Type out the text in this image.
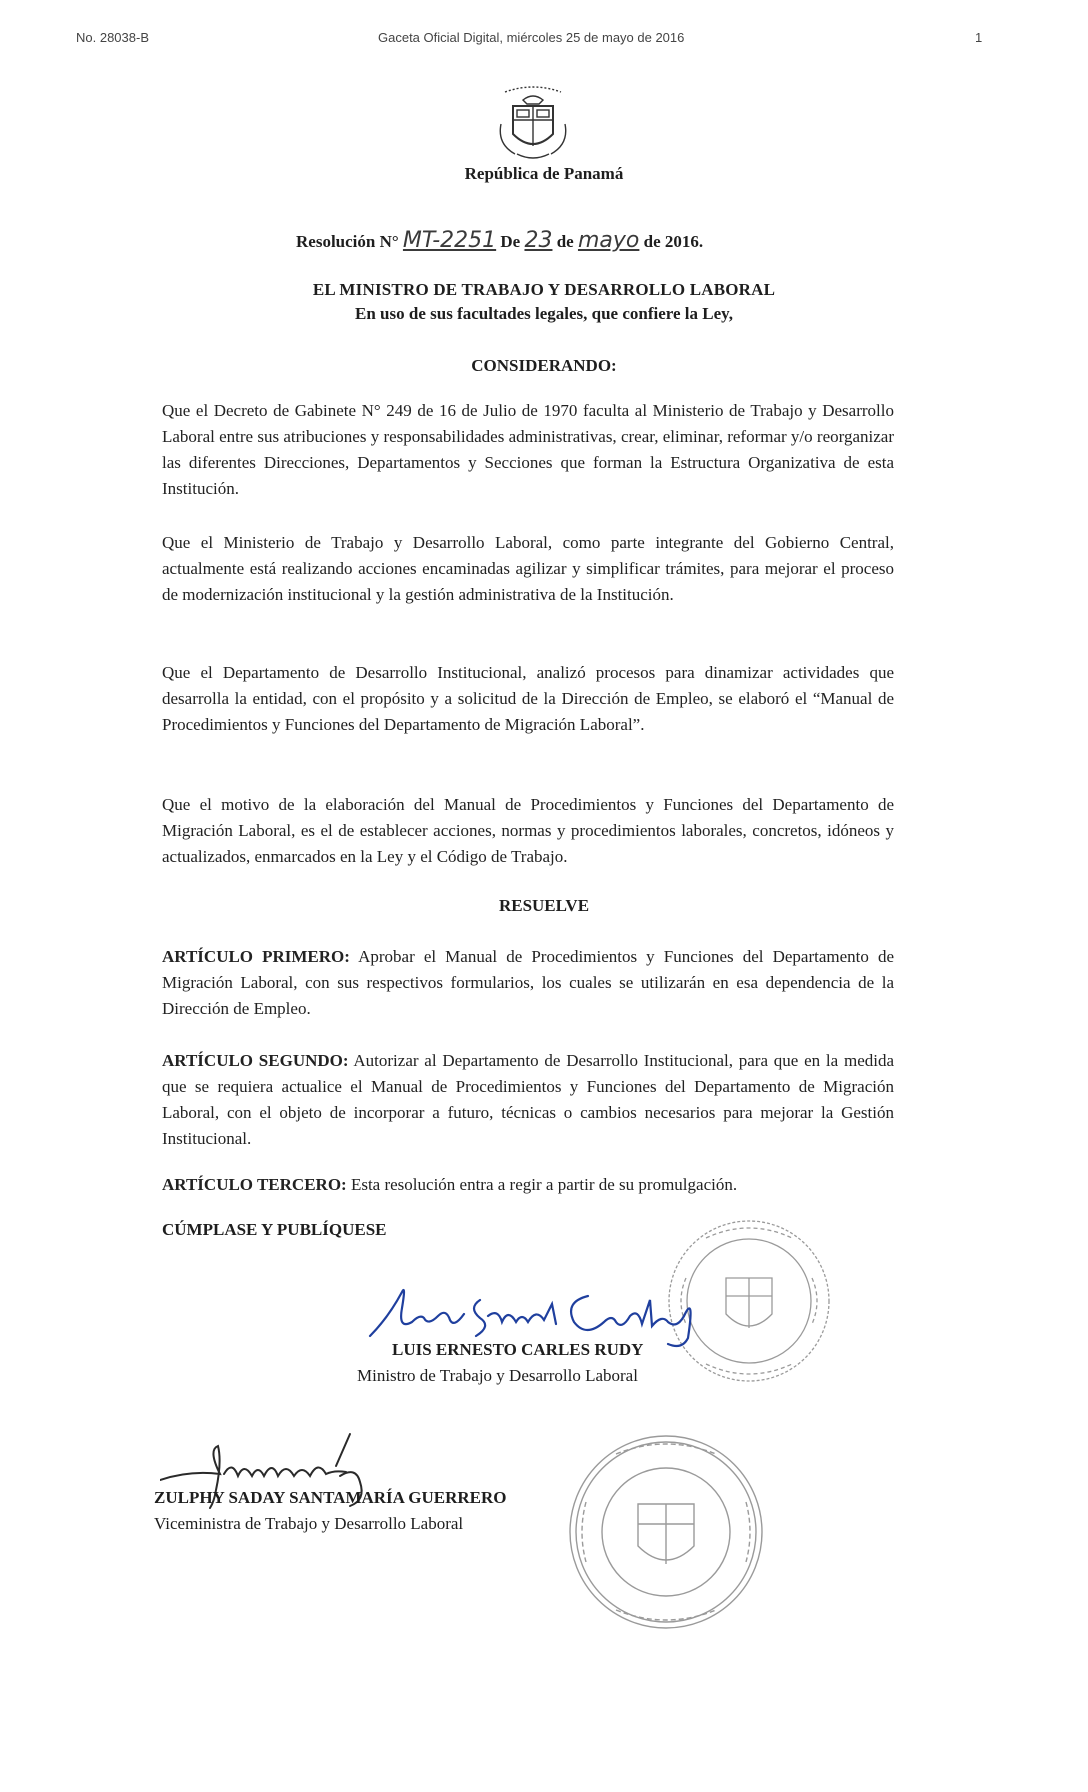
No. 28038-B	Gaceta Oficial Digital, miércoles 25 de mayo de 2016	1
República de Panamá
Resolución N° MT-2251 De 23 de mayo de 2016.
EL MINISTRO DE TRABAJO Y DESARROLLO LABORAL
En uso de sus facultades legales, que confiere la Ley,
CONSIDERANDO:

Que el Decreto de Gabinete N° 249 de 16 de Julio de 1970 faculta al Ministerio de Trabajo y Desarrollo Laboral entre sus atribuciones y responsabilidades administrativas, crear, eliminar, reformar y/o reorganizar las diferentes Direcciones, Departamentos y Secciones que forman la Estructura Organizativa de esta Institución.

Que el Ministerio de Trabajo y Desarrollo Laboral, como parte integrante del Gobierno Central, actualmente está realizando acciones encaminadas agilizar y simplificar trámites, para mejorar el proceso de modernización institucional y la gestión administrativa de la Institución.

Que el Departamento de Desarrollo Institucional, analizó procesos para dinamizar actividades que desarrolla la entidad, con el propósito y a solicitud de la Dirección de Empleo, se elaboró el “Manual de Procedimientos y Funciones del Departamento de Migración Laboral”.

Que el motivo de la elaboración del Manual de Procedimientos y Funciones del Departamento de Migración Laboral, es el de establecer acciones, normas y procedimientos laborales, concretos, idóneos y actualizados, enmarcados en la Ley y el Código de Trabajo.

RESUELVE

ARTÍCULO PRIMERO: Aprobar el Manual de Procedimientos y Funciones del Departamento de Migración Laboral, con sus respectivos formularios, los cuales se utilizarán en esa dependencia de la Dirección de Empleo.

ARTÍCULO SEGUNDO: Autorizar al Departamento de Desarrollo Institucional, para que en la medida que se requiera actualice el Manual de Procedimientos y Funciones del Departamento de Migración Laboral, con el objeto de incorporar a futuro, técnicas o cambios necesarios para mejorar la Gestión Institucional.

ARTÍCULO TERCERO: Esta resolución entra a regir a partir de su promulgación.

CÚMPLASE Y PUBLÍQUESE
LUIS ERNESTO CARLES RUDY
Ministro de Trabajo y Desarrollo Laboral
ZULPHY SADAY SANTAMARÍA GUERRERO
Viceministra de Trabajo y Desarrollo Laboral
